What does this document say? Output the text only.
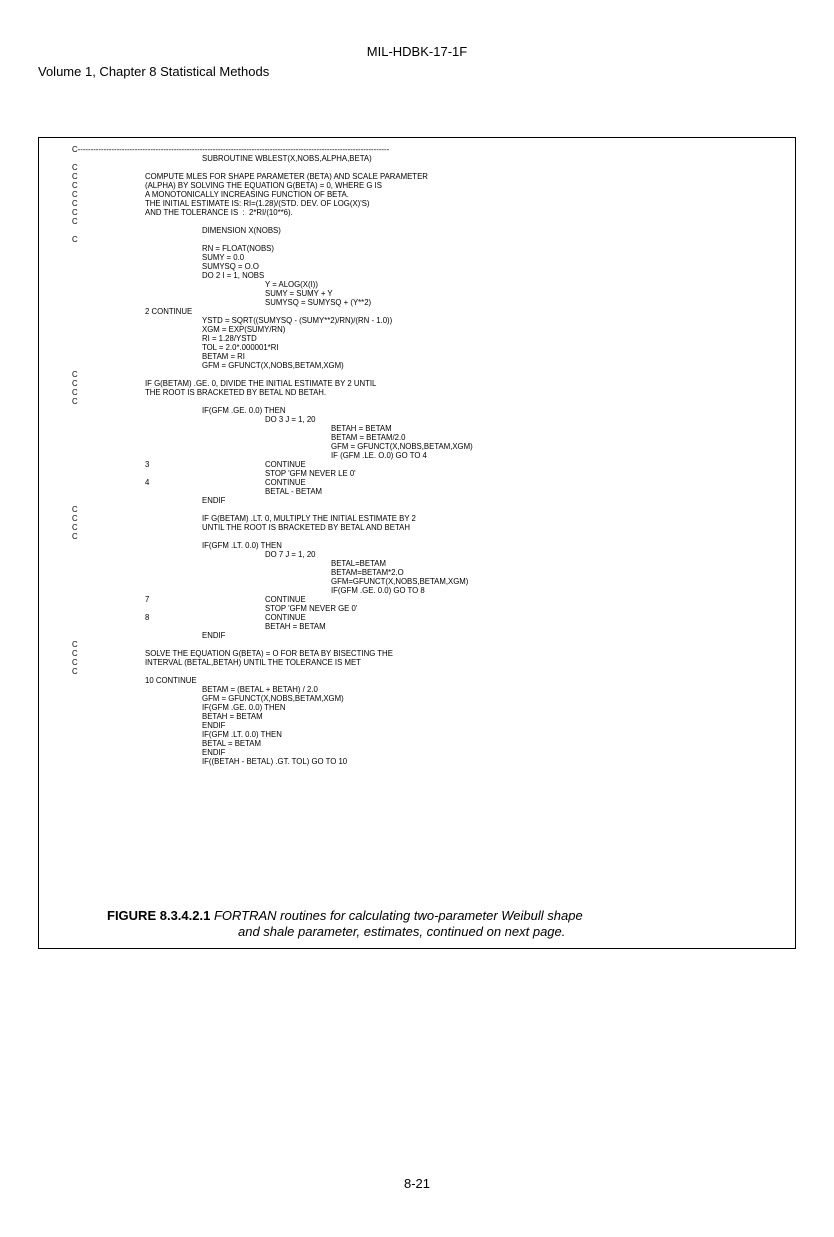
MIL-HDBK-17-1F
Volume 1, Chapter 8 Statistical Methods
C------------------------------------------------------------------------------------------------------------------------
SUBROUTINE WBLEST(X,NOBS,ALPHA,BETA)
C
C	COMPUTE MLES FOR SHAPE PARAMETER (BETA) AND SCALE PARAMETER
C	(ALPHA) BY SOLVING THE EQUATION G(BETA) = 0, WHERE G IS
C	A MONOTONICALLY INCREASING FUNCTION OF BETA.
C	THE INITIAL ESTIMATE IS: RI=(1.28)/(STD. DEV. OF LOG(X)'S)
C	AND THE TOLERANCE IS  :  2*RI/(10**6).
C
DIMENSION X(NOBS)
C
RN = FLOAT(NOBS)
SUMY = 0.0
SUMYSQ = O.O
DO 2 I = 1, NOBS
Y = ALOG(X(I))
SUMY = SUMY + Y
SUMYSQ = SUMYSQ + (Y**2)
2 CONTINUE
YSTD = SQRT((SUMYSQ - (SUMY**2)/RN)/(RN - 1.0))
XGM = EXP(SUMY/RN)
RI = 1.28/YSTD
TOL = 2.0*.000001*RI
BETAM = RI
GFM = GFUNCT(X,NOBS,BETAM,XGM)
C
C	IF G(BETAM) .GE. 0, DIVIDE THE INITIAL ESTIMATE BY 2 UNTIL
C	THE ROOT IS BRACKETED BY BETAL ND BETAH.
C
IF(GFM .GE. 0.0) THEN
DO 3 J = 1, 20
BETAH = BETAM
BETAM = BETAM/2.0
GFM = GFUNCT(X,NOBS,BETAM,XGM)
IF (GFM .LE. O.0) GO TO 4
3	CONTINUE
STOP 'GFM NEVER LE 0'
4	CONTINUE
BETAL - BETAM
ENDIF
C
C	IF G(BETAM) .LT. 0, MULTIPLY THE INITIAL ESTIMATE BY 2
C	UNTIL THE ROOT IS BRACKETED BY BETAL AND BETAH
C
IF(GFM .LT. 0.0) THEN
DO 7 J = 1, 20
BETAL=BETAM
BETAM=BETAM*2.O
GFM=GFUNCT(X,NOBS,BETAM,XGM)
IF(GFM .GE. 0.0) GO TO 8
7	CONTINUE
STOP 'GFM NEVER GE 0'
8	CONTINUE
BETAH = BETAM
ENDIF
C
C	SOLVE THE EQUATION G(BETA) = O FOR BETA BY BISECTING THE
C	INTERVAL (BETAL,BETAH) UNTIL THE TOLERANCE IS MET
C
10 CONTINUE
BETAM = (BETAL + BETAH) / 2.0
GFM = GFUNCT(X,NOBS,BETAM,XGM)
IF(GFM .GE. 0.0) THEN
BETAH = BETAM
ENDIF
IF(GFM .LT. 0.0) THEN
BETAL = BETAM
ENDIF
IF((BETAH - BETAL) .GT. TOL) GO TO 10
FIGURE 8.3.4.2.1 FORTRAN routines for calculating two-parameter Weibull shape
and shale parameter, estimates, continued on next page.
8-21
